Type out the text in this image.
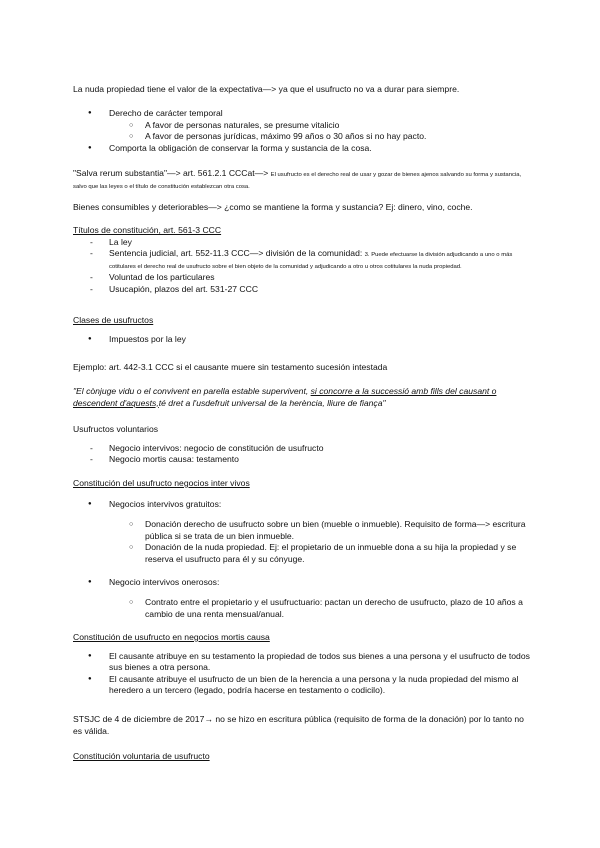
La nuda propiedad tiene el valor de la expectativa—> ya que el usufructo no va a durar para siempre.
● Derecho de carácter temporal
○ A favor de personas naturales, se presume vitalicio
○ A favor de personas jurídicas, máximo 99 años o 30 años si no hay pacto.
● Comporta la obligación de conservar la forma y sustancia de la cosa.
"Salva rerum substantia"—> art. 561.2.1 CCCat—> El usufructo es el derecho real de usar y gozar de bienes ajenos salvando su forma y sustancia, salvo que las leyes o el título de constitución establezcan otra cosa.
Bienes consumibles y deteriorables—> ¿como se mantiene la forma y sustancia? Ej: dinero, vino, coche.
Títulos de constitución, art. 561-3 CCC
- La ley
- Sentencia judicial, art. 552-11.3 CCC—> división de la comunidad: 3. Puede efectuarse la división adjudicando a uno o más cotitulares el derecho real de usufructo sobre el bien objeto de la comunidad y adjudicando a otro u otros cotitulares la nuda propiedad.
- Voluntad de los particulares
- Usucapión, plazos del art. 531-27 CCC
Clases de usufructos
● Impuestos por la ley
Ejemplo: art. 442-3.1 CCC si el causante muere sin testamento sucesión intestada
"El cònjuge vidu o el convivent en parella estable supervivent, si concorre a la successió amb fills del causant o descendent d'aquests,té dret a l'usdefruit universal de la herència, lliure de fiança"
Usufructos voluntarios
- Negocio intervivos: negocio de constitución de usufructo
- Negocio mortis causa: testamento
Constitución del usufructo negocios inter vivos
● Negocios intervivos gratuitos:
○ Donación derecho de usufructo sobre un bien (mueble o inmueble). Requisito de forma—> escritura pública si se trata de un bien inmueble.
○ Donación de la nuda propiedad. Ej: el propietario de un inmueble dona a su hija la propiedad y se reserva el usufructo para él y su cónyuge.
● Negocio intervivos onerosos:
○ Contrato entre el propietario y el usufructuario: pactan un derecho de usufructo, plazo de 10 años a cambio de una renta mensual/anual.
Constitución de usufructo en negocios mortis causa
● El causante atribuye en su testamento la propiedad de todos sus bienes a una persona y el usufructo de todos sus bienes a otra persona.
● El causante atribuye el usufructo de un bien de la herencia a una persona y la nuda propiedad del mismo al heredero a un tercero (legado, podría hacerse en testamento o codicilo).
STSJC de 4 de diciembre de 2017→ no se hizo en escritura pública (requisito de forma de la donación) por lo tanto no es válida.
Constitución voluntaria de usufructo
